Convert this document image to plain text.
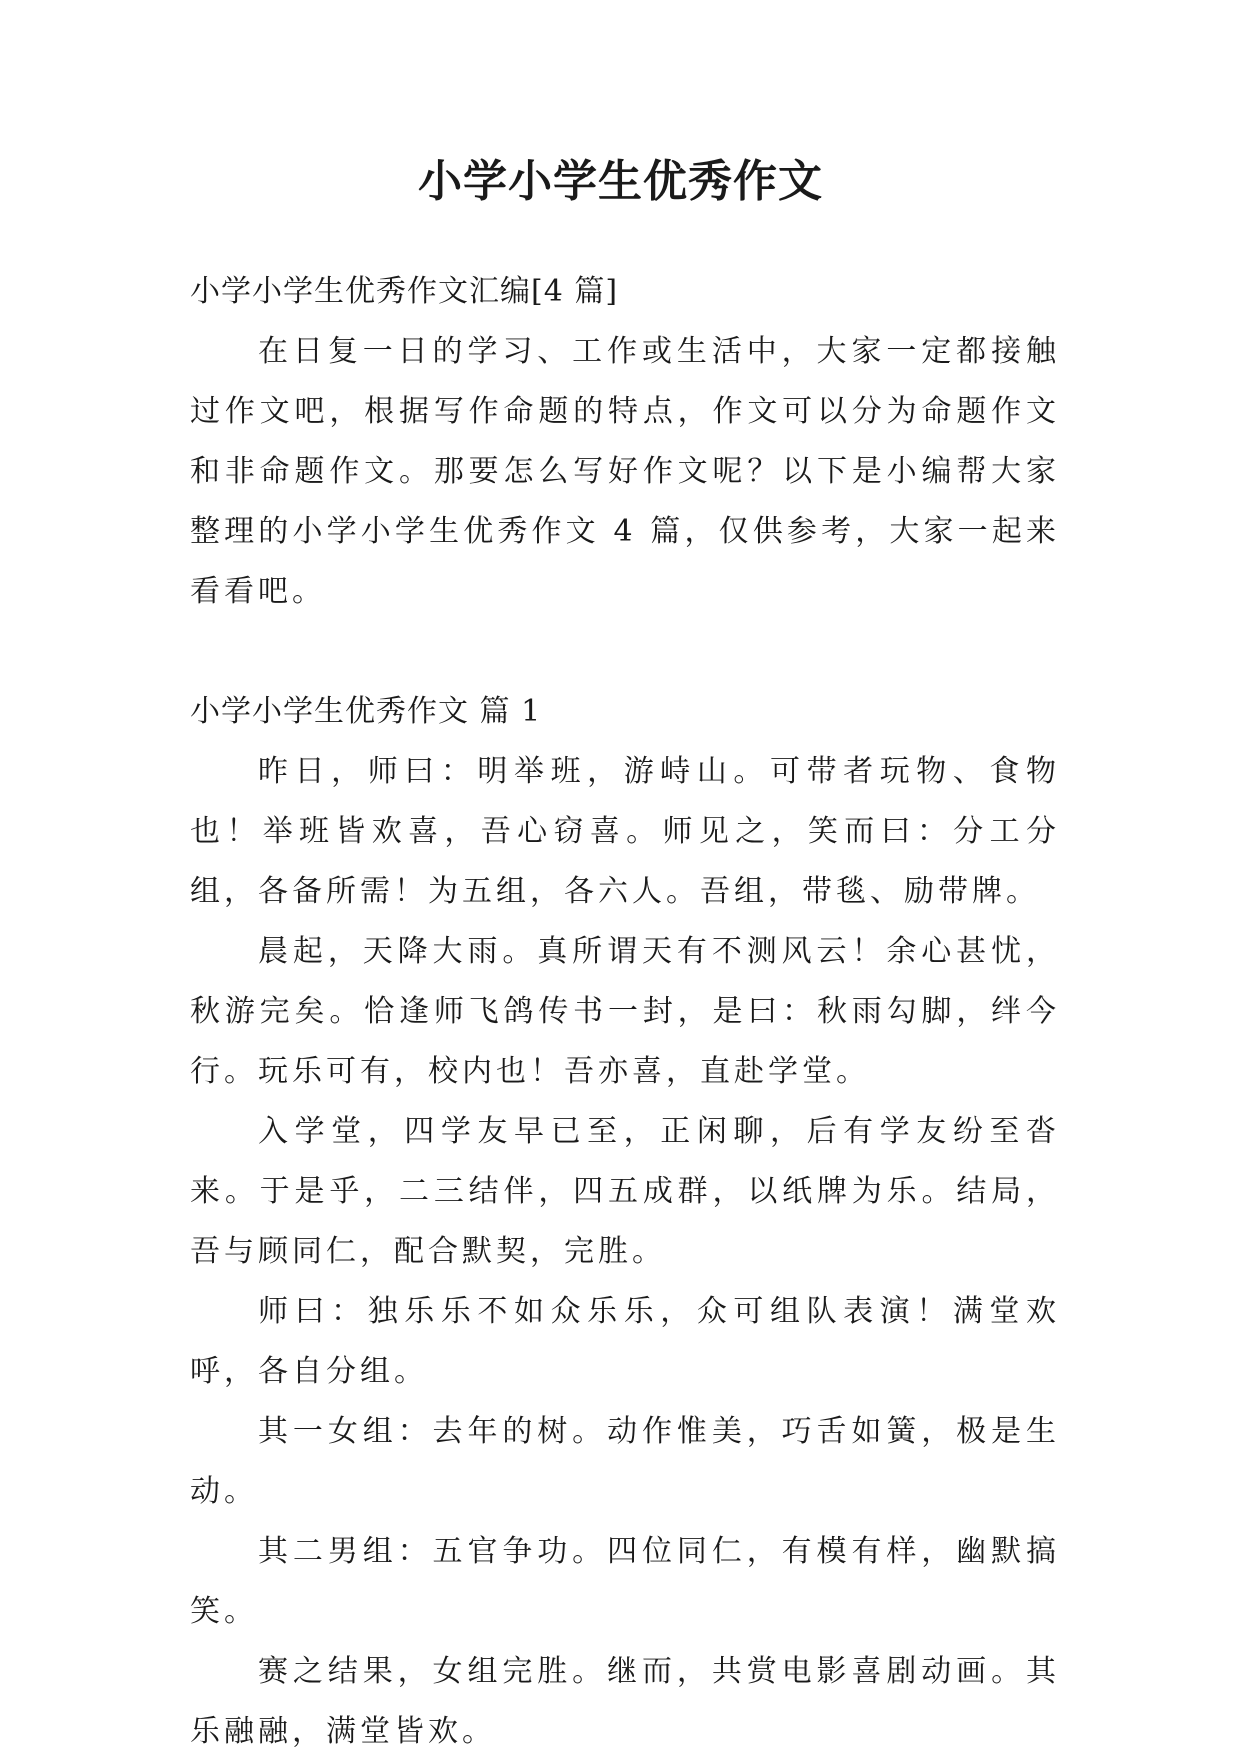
小学小学生优秀作文

小学小学生优秀作文汇编[4 篇]

在日复一日的学习、工作或生活中，大家一定都接触过作文吧，根据写作命题的特点，作文可以分为命题作文和非命题作文。那要怎么写好作文呢？以下是小编帮大家整理的小学小学生优秀作文 4 篇，仅供参考，大家一起来看看吧。

小学小学生优秀作文 篇 1

昨日，师曰：明举班，游峙山。可带者玩物、食物也！举班皆欢喜，吾心窃喜。师见之，笑而曰：分工分组，各备所需！为五组，各六人。吾组，带毯、励带牌。

晨起，天降大雨。真所谓天有不测风云！余心甚忧，秋游完矣。恰逢师飞鸽传书一封，是曰：秋雨勾脚，绊今行。玩乐可有，校内也！吾亦喜，直赴学堂。

入学堂，四学友早已至，正闲聊，后有学友纷至沓来。于是乎，二三结伴，四五成群，以纸牌为乐。结局，吾与顾同仁，配合默契，完胜。

师曰：独乐乐不如众乐乐，众可组队表演！满堂欢呼，各自分组。

其一女组：去年的树。动作惟美，巧舌如簧，极是生动。

其二男组：五官争功。四位同仁，有模有样，幽默搞笑。

赛之结果，女组完胜。继而，共赏电影喜剧动画。其乐融融，满堂皆欢。
